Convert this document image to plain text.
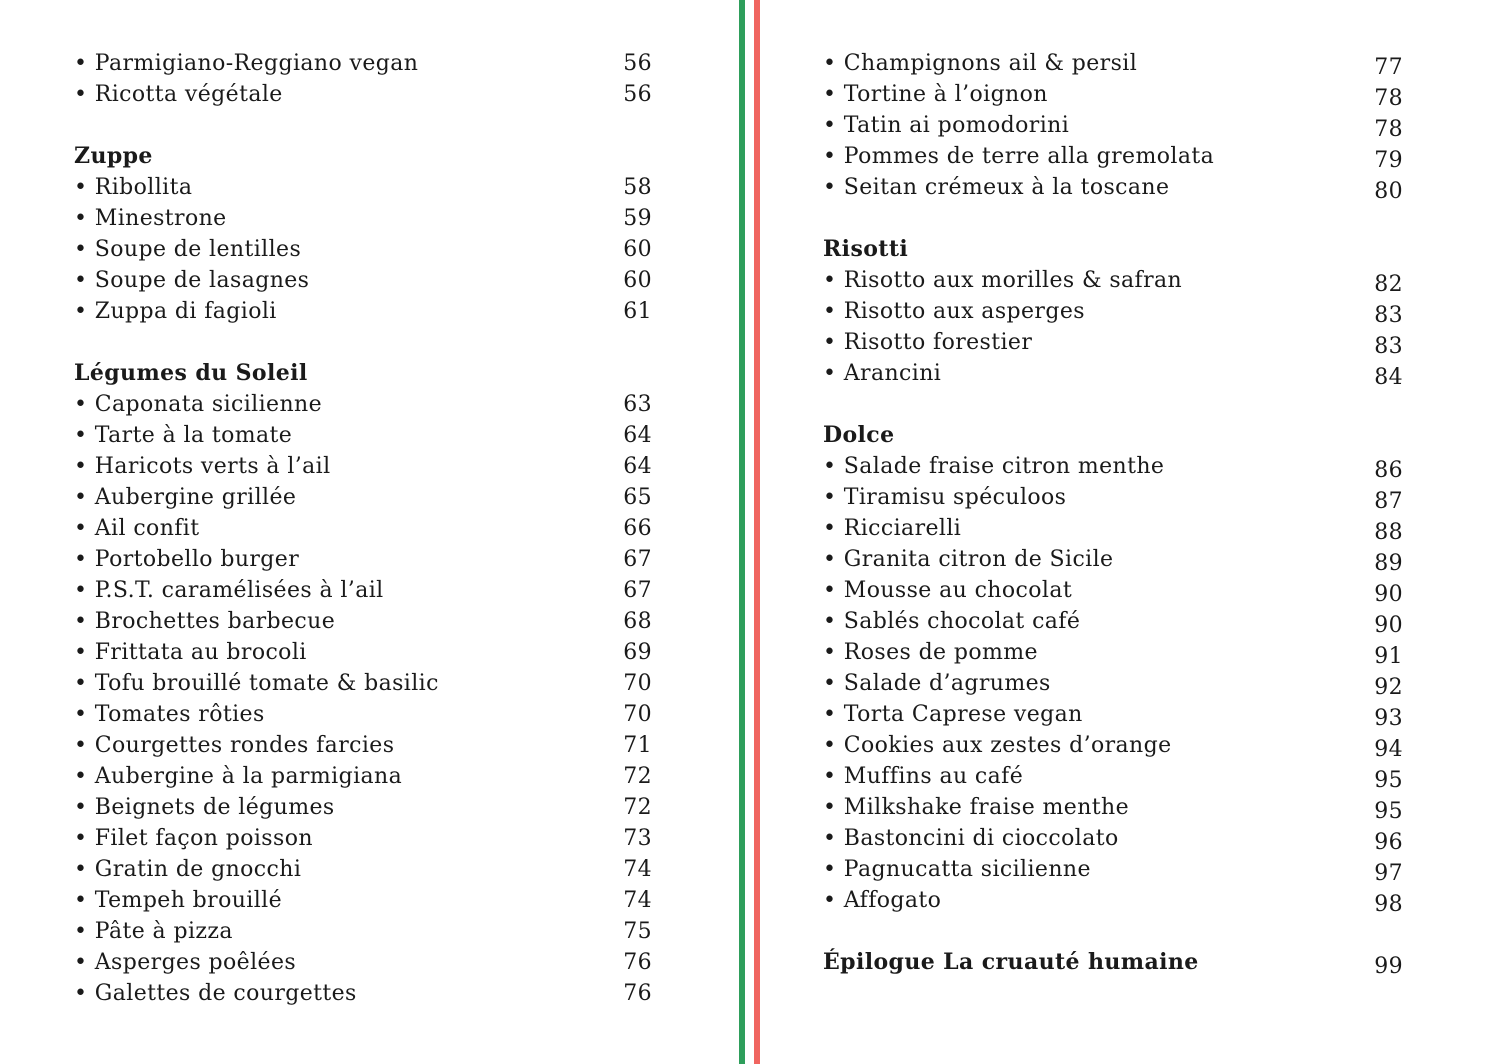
• Parmigiano-Reggiano vegan	56
• Ricotta végétale	56
Zuppe
• Ribollita	58
• Minestrone	59
• Soupe de lentilles	60
• Soupe de lasagnes	60
• Zuppa di fagioli	61
Légumes du Soleil
• Caponata sicilienne	63
• Tarte à la tomate	64
• Haricots verts à l’ail	64
• Aubergine grillée	65
• Ail confit	66
• Portobello burger	67
• P.S.T. caramélisées à l’ail	67
• Brochettes barbecue	68
• Frittata au brocoli	69
• Tofu brouillé tomate & basilic	70
• Tomates rôties	70
• Courgettes rondes farcies	71
• Aubergine à la parmigiana	72
• Beignets de légumes	72
• Filet façon poisson	73
• Gratin de gnocchi	74
• Tempeh brouillé	74
• Pâte à pizza	75
• Asperges poêlées	76
• Galettes de courgettes	76
• Champignons ail & persil	77
• Tortine à l’oignon	78
• Tatin ai pomodorini	78
• Pommes de terre alla gremolata	79
• Seitan crémeux à la toscane	80
Risotti
• Risotto aux morilles & safran	82
• Risotto aux asperges	83
• Risotto forestier	83
• Arancini	84
Dolce
• Salade fraise citron menthe	86
• Tiramisu spéculoos	87
• Ricciarelli	88
• Granita citron de Sicile	89
• Mousse au chocolat	90
• Sablés chocolat café	90
• Roses de pomme	91
• Salade d’agrumes	92
• Torta Caprese vegan	93
• Cookies aux zestes d’orange	94
• Muffins au café	95
• Milkshake fraise menthe	95
• Bastoncini di cioccolato	96
• Pagnucatta sicilienne	97
• Affogato	98
Épilogue La cruauté humaine	99
